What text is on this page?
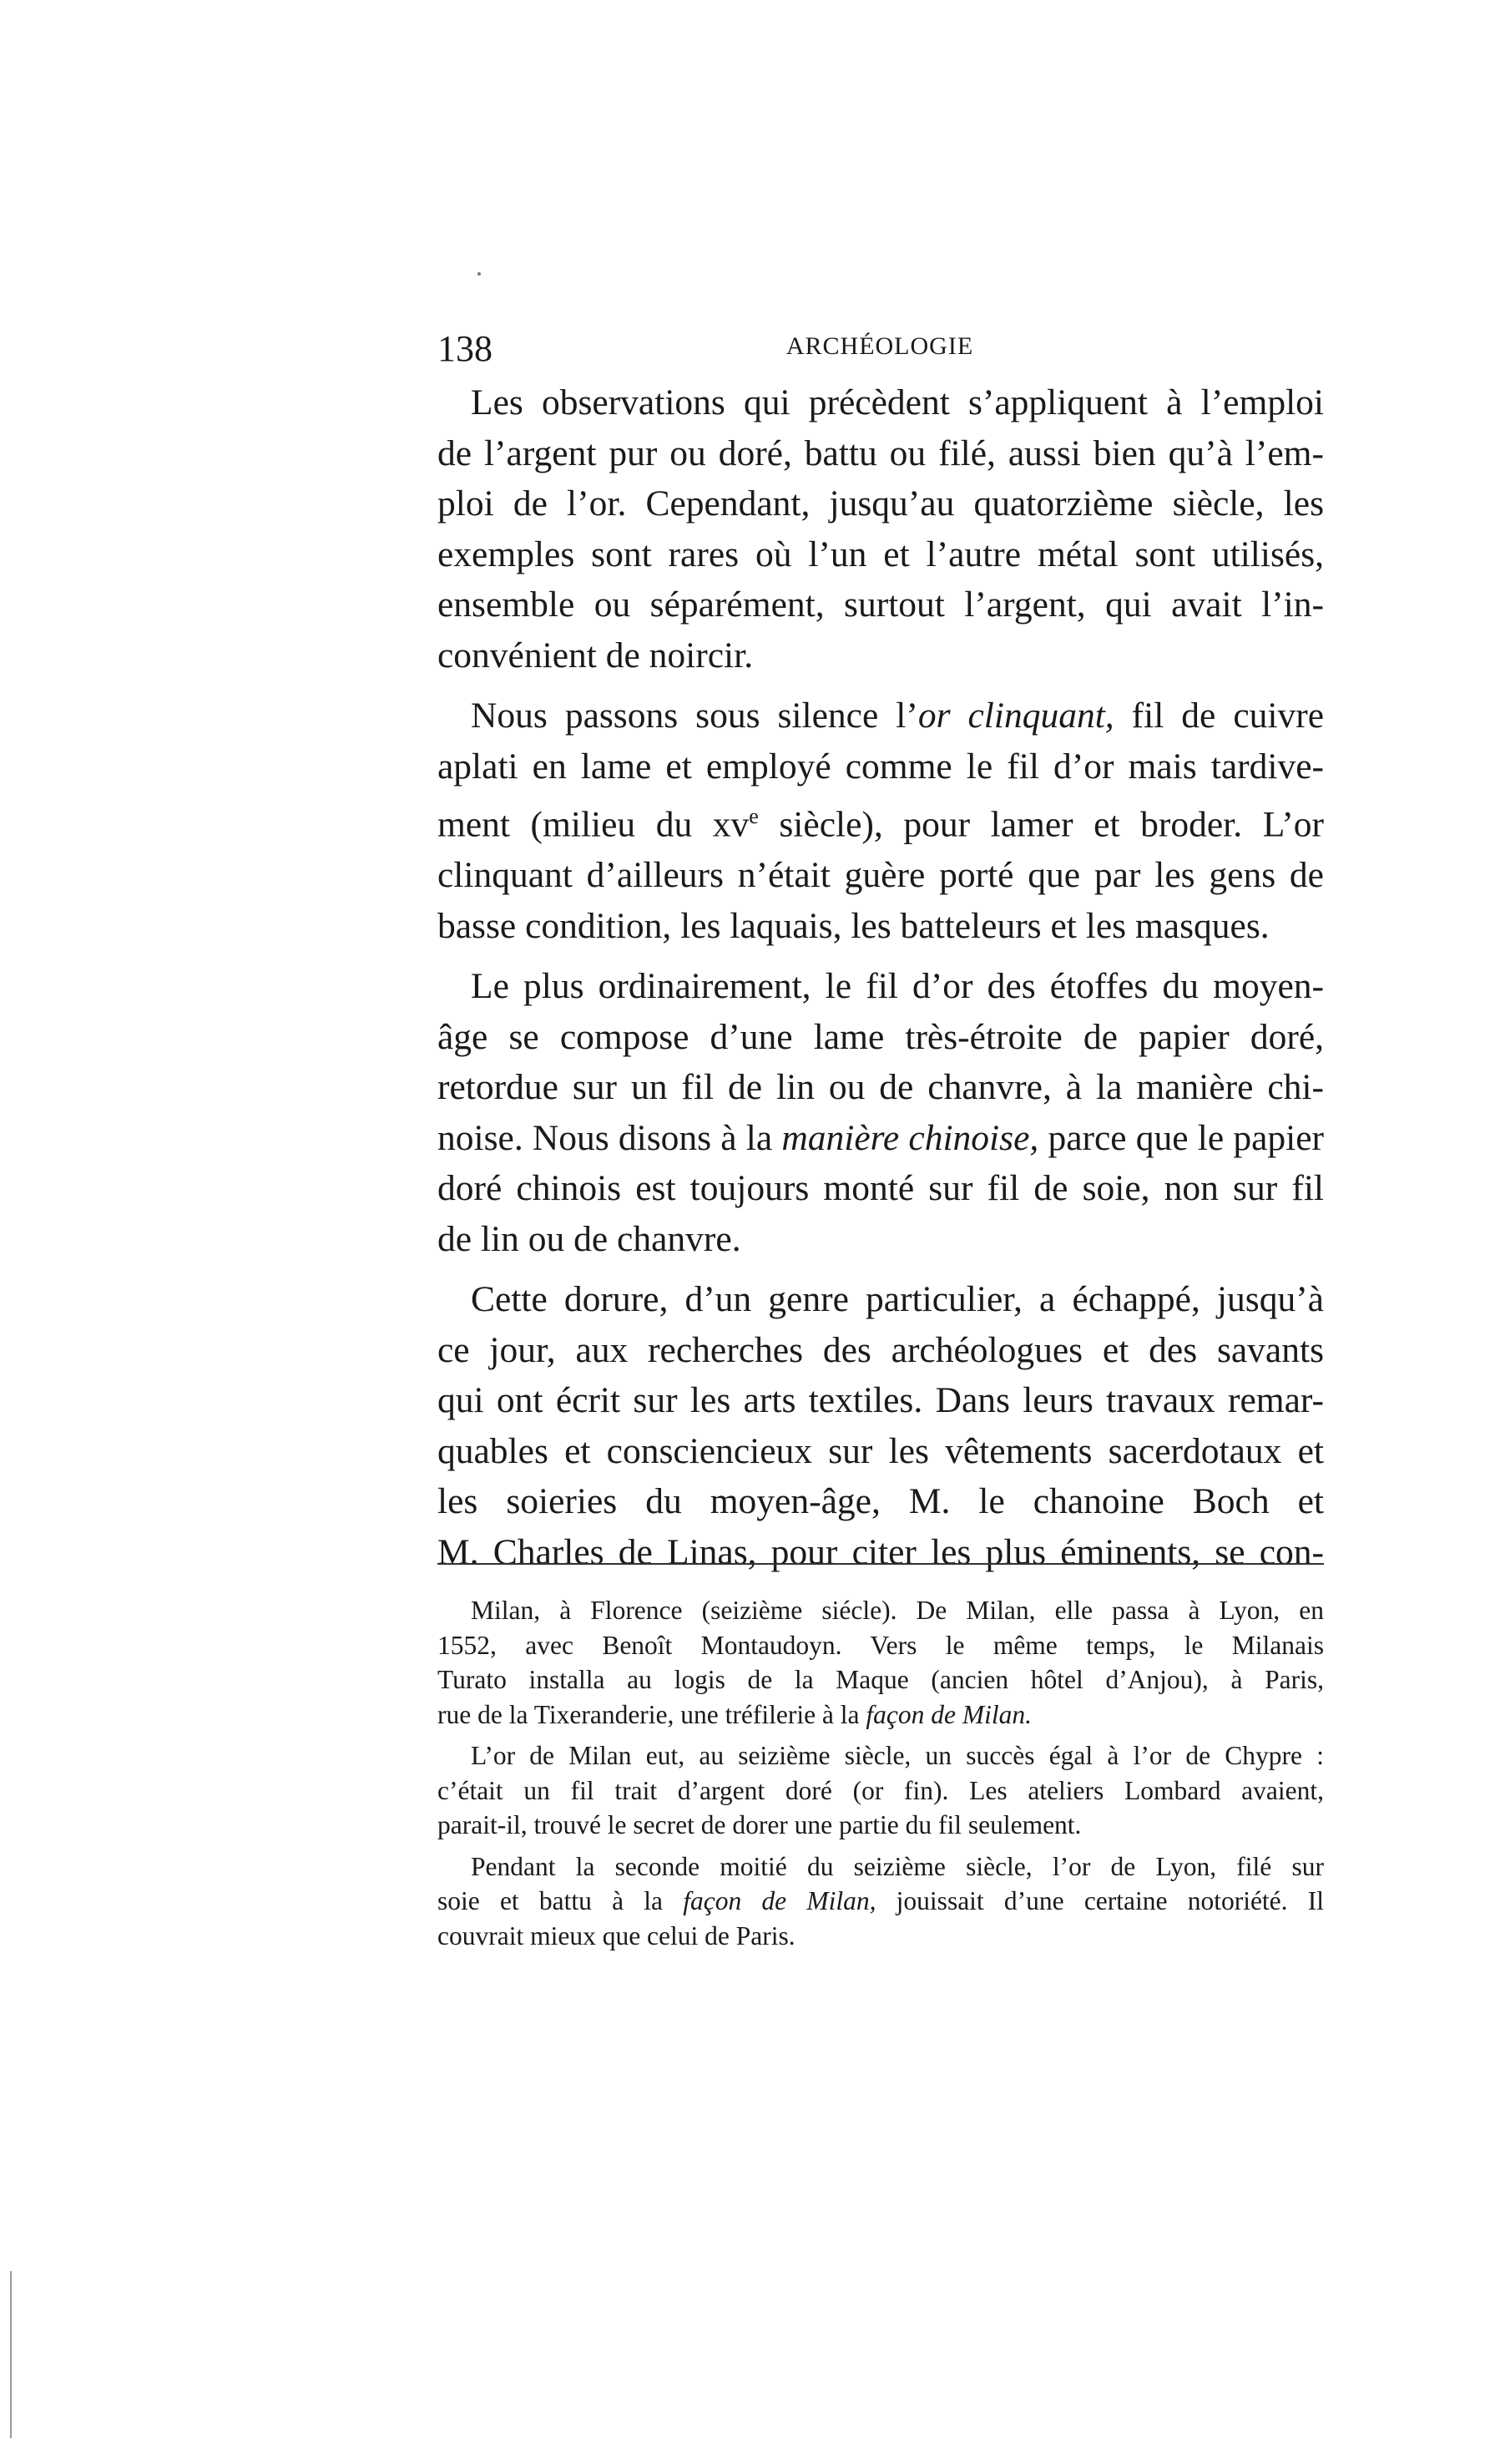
138	ARCHÉOLOGIE

Les observations qui précèdent s’appliquent à l’emploi
de l’argent pur ou doré, battu ou filé, aussi bien qu’à l’em-
ploi de l’or. Cependant, jusqu’au quatorzième siècle, les
exemples sont rares où l’un et l’autre métal sont utilisés,
ensemble ou séparément, surtout l’argent, qui avait l’in-
convénient de noircir.

Nous passons sous silence l’or clinquant, fil de cuivre
aplati en lame et employé comme le fil d’or mais tardive-
ment (milieu du $xv^e$ siècle), pour lamer et broder. L’or
clinquant d’ailleurs n’était guère porté que par les gens de
basse condition, les laquais, les batteleurs et les masques.

Le plus ordinairement, le fil d’or des étoffes du moyen-
âge se compose d’une lame très-étroite de papier doré,
retordue sur un fil de lin ou de chanvre, à la manière chi-
noise. Nous disons à la manière chinoise, parce que le papier
doré chinois est toujours monté sur fil de soie, non sur fil
de lin ou de chanvre.

Cette dorure, d’un genre particulier, a échappé, jusqu’à
ce jour, aux recherches des archéologues et des savants
qui ont écrit sur les arts textiles. Dans leurs travaux remar-
quables et consciencieux sur les vêtements sacerdotaux et
les soieries du moyen-âge, M. le chanoine Boch et
M. Charles de Linas, pour citer les plus éminents, se con-

Milan, à Florence (seizième siécle). De Milan, elle passa à Lyon, en
1552, avec Benoît Montaudoyn. Vers le même temps, le Milanais
Turato installa au logis de la Maque (ancien hôtel d’Anjou), à Paris,
rue de la Tixeranderie, une tréfilerie à la façon de Milan.

L’or de Milan eut, au seizième siècle, un succès égal à l’or de Chypre :
c’était un fil trait d’argent doré (or fin). Les ateliers Lombard avaient,
parait-il, trouvé le secret de dorer une partie du fil seulement.

Pendant la seconde moitié du seizième siècle, l’or de Lyon, filé sur
soie et battu à la façon de Milan, jouissait d’une certaine notoriété. Il
couvrait mieux que celui de Paris.
